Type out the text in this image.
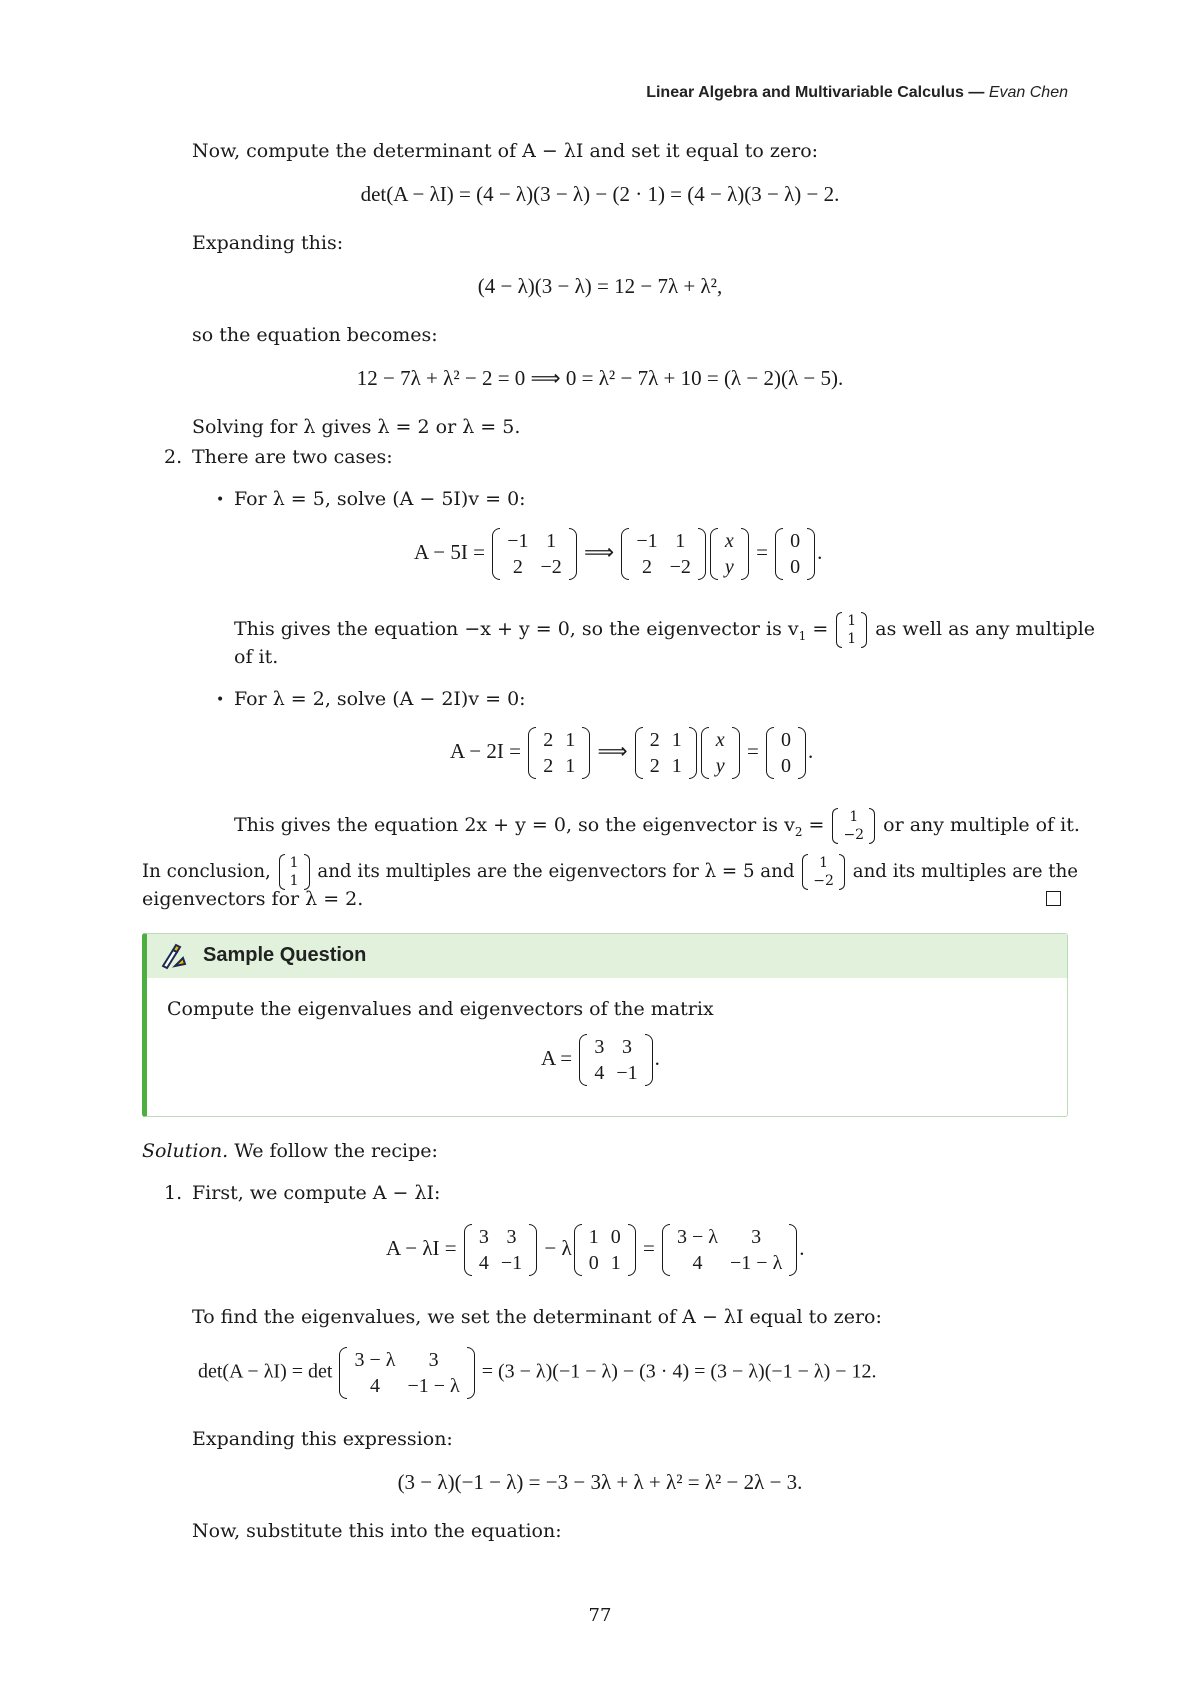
Linear Algebra and Multivariable Calculus — Evan Chen
Now, compute the determinant of A − λI and set it equal to zero:
det(A − λI) = (4 − λ)(3 − λ) − (2 · 1) = (4 − λ)(3 − λ) − 2.
Expanding this:
(4 − λ)(3 − λ) = 12 − 7λ + λ²,
so the equation becomes:
12 − 7λ + λ² − 2 = 0 ⟹ 0 = λ² − 7λ + 10 = (λ − 2)(λ − 5).
Solving for λ gives λ = 2 or λ = 5.
2. There are two cases:
• For λ = 5, solve (A − 5I)v = 0:
A − 5I = −1	1
2	−2
⟹ −1	1
2	−2
x
y
= 0
0
.
This gives the equation −x + y = 0, so the eigenvector is $v_1 = 1$
1 as well as any multiple
of it.
• For λ = 2, solve (A − 2I)v = 0:
A − 2I = 2	1
2	1
⟹ 2	1
2	1
x
y
= 0
0
.
This gives the equation 2x + y = 0, so the eigenvector is $v_2 = 1$
−2 or any multiple of it.
In conclusion, 1
1 and its multiples are the eigenvectors for λ = 5 and 1
−2 and its multiples are the
eigenvectors for λ = 2.
Sample Question
Compute the eigenvalues and eigenvectors of the matrix
A = 3	3
4	−1
.
Solution. We follow the recipe:
1. First, we compute A − λI:
A − λI = 3	3
4	−1
− λ 1	0
0	1
= 3 − λ	3
4	−1 − λ
.
To find the eigenvalues, we set the determinant of A − λI equal to zero:
det(A − λI) = det
3 − λ	3
4	−1 − λ
= (3 − λ)(−1 − λ) − (3 · 4) = (3 − λ)(−1 − λ) − 12.
Expanding this expression:
(3 − λ)(−1 − λ) = −3 − 3λ + λ + λ² = λ² − 2λ − 3.
Now, substitute this into the equation:
77
